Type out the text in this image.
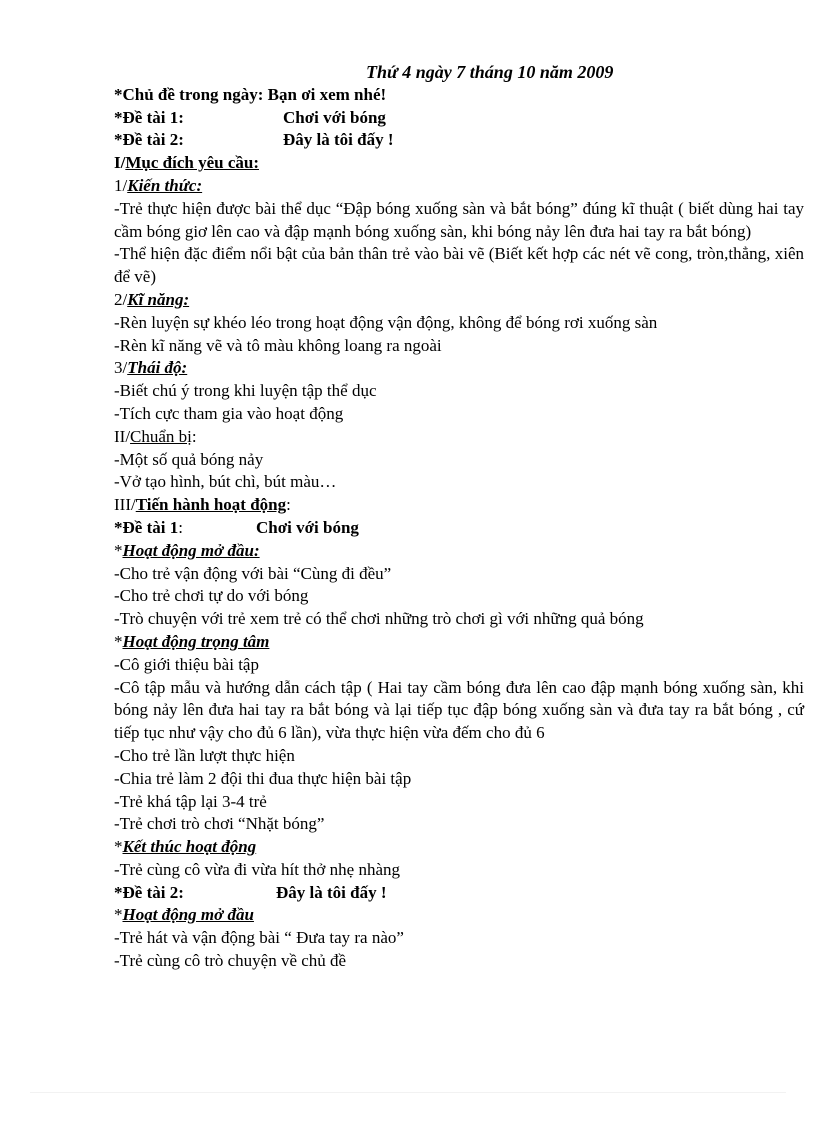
Thứ 4 ngày 7 tháng 10 năm 2009
*Chủ đề trong ngày: Bạn ơi xem nhé!
*Đề tài 1:	Chơi với bóng
*Đề tài 2:	Đây là tôi đấy !
I/Mục đích yêu cầu:
1/Kiến thức:
-Trẻ thực hiện được bài thể dục “Đập bóng xuống sàn và bắt bóng” đúng kĩ thuật ( biết dùng hai tay cầm bóng giơ lên cao và đập mạnh bóng xuống sàn, khi bóng nảy lên đưa hai tay ra bắt bóng)
-Thể hiện đặc điểm nổi bật của bản thân trẻ vào bài vẽ (Biết kết hợp các nét vẽ cong, tròn,thẳng, xiên để vẽ)
2/Kĩ năng:
-Rèn luyện sự khéo léo trong hoạt động vận động, không để bóng rơi xuống sàn
-Rèn kĩ năng vẽ và tô màu không loang ra ngoài
3/Thái độ:
-Biết chú ý trong khi luyện tập thể dục
-Tích cực tham gia vào hoạt động
II/Chuẩn bị:
-Một số quả bóng nảy
-Vở tạo hình, bút chì, bút màu…
III/Tiến hành hoạt động:
*Đề tài 1:	Chơi với bóng
*Hoạt động mở đầu:
-Cho trẻ vận động với bài “Cùng đi đều”
-Cho trẻ chơi tự do với bóng
-Trò chuyện với trẻ xem trẻ có thể chơi những trò chơi gì với những quả bóng
*Hoạt động trọng tâm
-Cô giới thiệu bài tập
-Cô tập mẫu và hướng dẫn cách tập ( Hai tay cầm bóng đưa lên cao đập mạnh bóng xuống sàn, khi bóng nảy lên đưa hai tay ra bắt bóng và lại tiếp tục đập bóng xuống sàn và đưa tay ra bắt bóng , cứ tiếp tục như vậy cho đủ 6 lần), vừa thực hiện vừa đếm cho đủ 6
-Cho trẻ lần lượt thực hiện
-Chia trẻ làm 2 đội thi đua thực hiện bài tập
-Trẻ khá tập lại 3-4 trẻ
-Trẻ chơi trò chơi “Nhặt bóng”
*Kết thúc hoạt động
-Trẻ cùng cô vừa đi vừa hít thở nhẹ nhàng
*Đề tài 2:	Đây là tôi đấy !
*Hoạt động mở đầu
-Trẻ hát và vận động bài “ Đưa tay ra nào”
-Trẻ cùng cô trò chuyện về chủ đề
